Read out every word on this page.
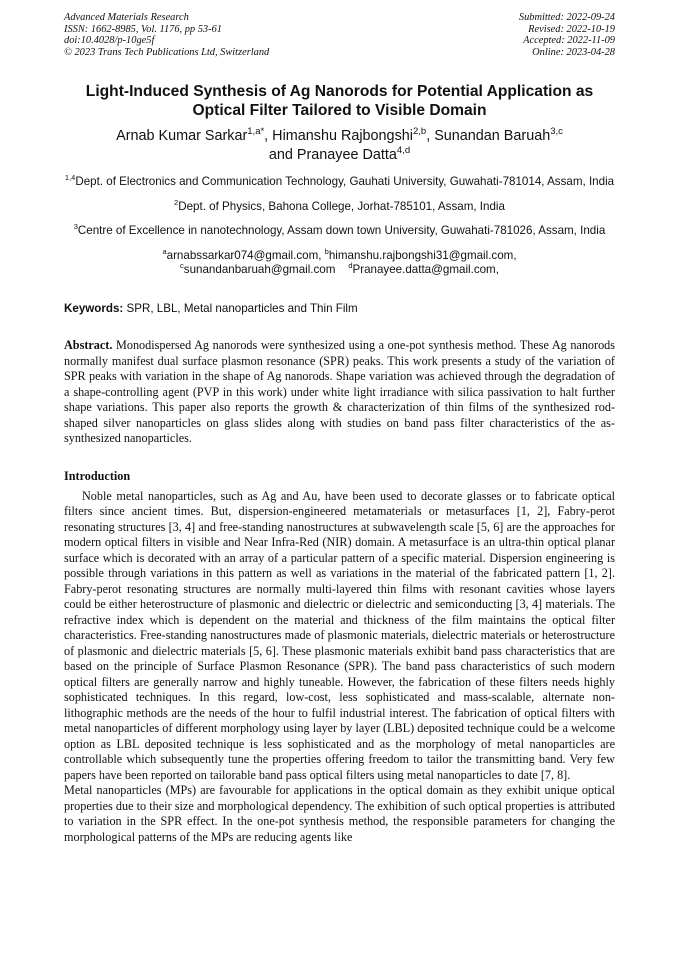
Advanced Materials Research
ISSN: 1662-8985, Vol. 1176, pp 53-61
doi:10.4028/p-10ge5f
© 2023 Trans Tech Publications Ltd, Switzerland
Submitted: 2022-09-24
Revised: 2022-10-19
Accepted: 2022-11-09
Online: 2023-04-28
Light-Induced Synthesis of Ag Nanorods for Potential Application as
Optical Filter Tailored to Visible Domain
Arnab Kumar Sarkar$^{1,a*}$, Himanshu Rajbongshi$^{2,b}$, Sunandan Baruah$^{3,c}$
and Pranayee Datta$^{4,d}$
$^{1,4}$Dept. of Electronics and Communication Technology, Gauhati University, Guwahati-781014, Assam, India
$^2$Dept. of Physics, Bahona College, Jorhat-785101, Assam, India
$^3$Centre of Excellence in nanotechnology, Assam down town University, Guwahati-781026, Assam, India
$^a$arnabssarkar074@gmail.com, $^b$himanshu.rajbongshi31@gmail.com,
$^c$sunandanbaruah@gmail.com $^d$Pranayee.datta@gmail.com,
Keywords: SPR, LBL, Metal nanoparticles and Thin Film
Abstract. Monodispersed Ag nanorods were synthesized using a one-pot synthesis method. These Ag nanorods normally manifest dual surface plasmon resonance (SPR) peaks. This work presents a study of the variation of SPR peaks with variation in the shape of Ag nanorods. Shape variation was achieved through the degradation of a shape-controlling agent (PVP in this work) under white light irradiance with silica passivation to halt further shape variations. This paper also reports the growth & characterization of thin films of the synthesized rod-shaped silver nanoparticles on glass slides along with studies on band pass filter characteristics of the as-synthesized nanoparticles.
Introduction
Noble metal nanoparticles, such as Ag and Au, have been used to decorate glasses or to fabricate optical filters since ancient times. But, dispersion-engineered metamaterials or metasurfaces [1, 2], Fabry-perot resonating structures [3, 4] and free-standing nanostructures at subwavelength scale [5, 6] are the approaches for modern optical filters in visible and Near Infra-Red (NIR) domain. A metasurface is an ultra-thin optical planar surface which is decorated with an array of a particular pattern of a specific material. Dispersion engineering is possible through variations in this pattern as well as variations in the material of the fabricated pattern [1, 2]. Fabry-perot resonating structures are normally multi-layered thin films with resonant cavities whose layers could be either heterostructure of plasmonic and dielectric or dielectric and semiconducting [3, 4] materials. The refractive index which is dependent on the material and thickness of the film maintains the optical filter characteristics. Free-standing nanostructures made of plasmonic materials, dielectric materials or heterostructure of plasmonic and dielectric materials [5, 6]. These plasmonic materials exhibit band pass characteristics that are based on the principle of Surface Plasmon Resonance (SPR). The band pass characteristics of such modern optical filters are generally narrow and highly tuneable. However, the fabrication of these filters needs highly sophisticated techniques. In this regard, low-cost, less sophisticated and mass-scalable, alternate non-lithographic methods are the needs of the hour to fulfil industrial interest. The fabrication of optical filters with metal nanoparticles of different morphology using layer by layer (LBL) deposited technique could be a welcome option as LBL deposited technique is less sophisticated and as the morphology of metal nanoparticles are controllable which subsequently tune the properties offering freedom to tailor the transmitting band. Very few papers have been reported on tailorable band pass optical filters using metal nanoparticles to date [7, 8].
Metal nanoparticles (MPs) are favourable for applications in the optical domain as they exhibit unique optical properties due to their size and morphological dependency. The exhibition of such optical properties is attributed to variation in the SPR effect. In the one-pot synthesis method, the responsible parameters for changing the morphological patterns of the MPs are reducing agents like
